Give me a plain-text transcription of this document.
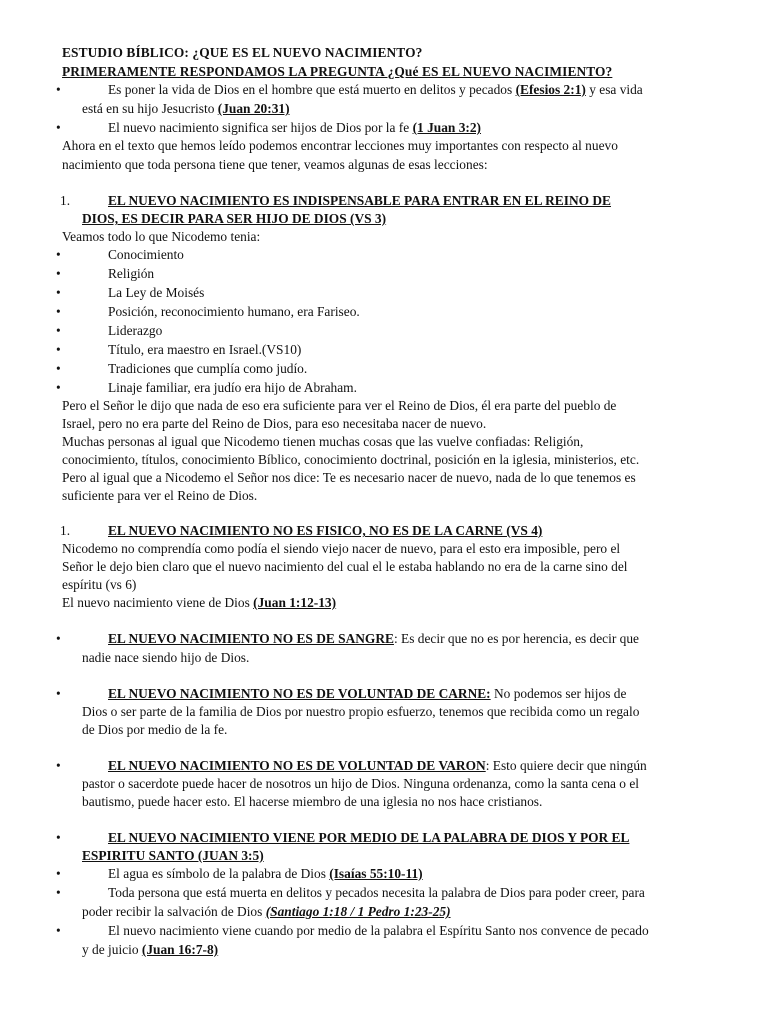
ESTUDIO BÍBLICO: ¿QUE ES EL NUEVO NACIMIENTO?
PRIMERAMENTE RESPONDAMOS LA PREGUNTA ¿Qué ES EL NUEVO NACIMIENTO?
•	Es poner la vida de Dios en el hombre que está muerto en delitos y pecados (Efesios 2:1) y esa vida
está en su hijo Jesucristo (Juan 20:31)
•	El nuevo nacimiento significa ser hijos de Dios por la fe (1 Juan 3:2)
Ahora en el texto que hemos leído podemos encontrar lecciones muy importantes con respecto al nuevo
nacimiento que toda persona tiene que tener, veamos algunas de esas lecciones:
1.	EL NUEVO NACIMIENTO ES INDISPENSABLE PARA ENTRAR EN EL REINO DE
DIOS, ES DECIR PARA SER HIJO DE DIOS (VS 3)
Veamos todo lo que Nicodemo tenia:
•	Conocimiento
•	Religión
•	La Ley de Moisés
•	Posición, reconocimiento humano, era Fariseo.
•	Liderazgo
•	Título, era maestro en Israel.(VS10)
•	Tradiciones que cumplía como judío.
•	Linaje familiar, era judío era hijo de Abraham.
Pero el Señor le dijo que nada de eso era suficiente para ver el Reino de Dios, él era parte del pueblo de
Israel, pero no era parte del Reino de Dios, para eso necesitaba nacer de nuevo.
Muchas personas al igual que Nicodemo tienen muchas cosas que las vuelve confiadas: Religión,
conocimiento, títulos, conocimiento Bíblico, conocimiento doctrinal, posición en la iglesia, ministerios, etc.
Pero al igual que a Nicodemo el Señor nos dice: Te es necesario nacer de nuevo, nada de lo que tenemos es
suficiente para ver el Reino de Dios.
1.	EL NUEVO NACIMIENTO NO ES FISICO, NO ES DE LA CARNE (VS 4)
Nicodemo no comprendía como podía el siendo viejo nacer de nuevo, para el esto era imposible, pero el
Señor le dejo bien claro que el nuevo nacimiento del cual el le estaba hablando no era de la carne sino del
espíritu (vs 6)
El nuevo nacimiento viene de Dios (Juan 1:12-13)
•	EL NUEVO NACIMIENTO NO ES DE SANGRE: Es decir que no es por herencia, es decir que
nadie nace siendo hijo de Dios.
•	EL NUEVO NACIMIENTO NO ES DE VOLUNTAD DE CARNE: No podemos ser hijos de
Dios o ser parte de la familia de Dios por nuestro propio esfuerzo, tenemos que recibida como un regalo
de Dios por medio de la fe.
•	EL NUEVO NACIMIENTO NO ES DE VOLUNTAD DE VARON: Esto quiere decir que ningún
pastor o sacerdote puede hacer de nosotros un hijo de Dios. Ninguna ordenanza, como la santa cena o el
bautismo, puede hacer esto. El hacerse miembro de una iglesia no nos hace cristianos.
•	EL NUEVO NACIMIENTO VIENE POR MEDIO DE LA PALABRA DE DIOS Y POR EL
ESPIRITU SANTO (JUAN 3:5)
•	El agua es símbolo de la palabra de Dios (Isaías 55:10-11)
•	Toda persona que está muerta en delitos y pecados necesita la palabra de Dios para poder creer, para
poder recibir la salvación de Dios (Santiago 1:18 / 1 Pedro 1:23-25)
•	El nuevo nacimiento viene cuando por medio de la palabra el Espíritu Santo nos convence de pecado
y de juicio (Juan 16:7-8)
